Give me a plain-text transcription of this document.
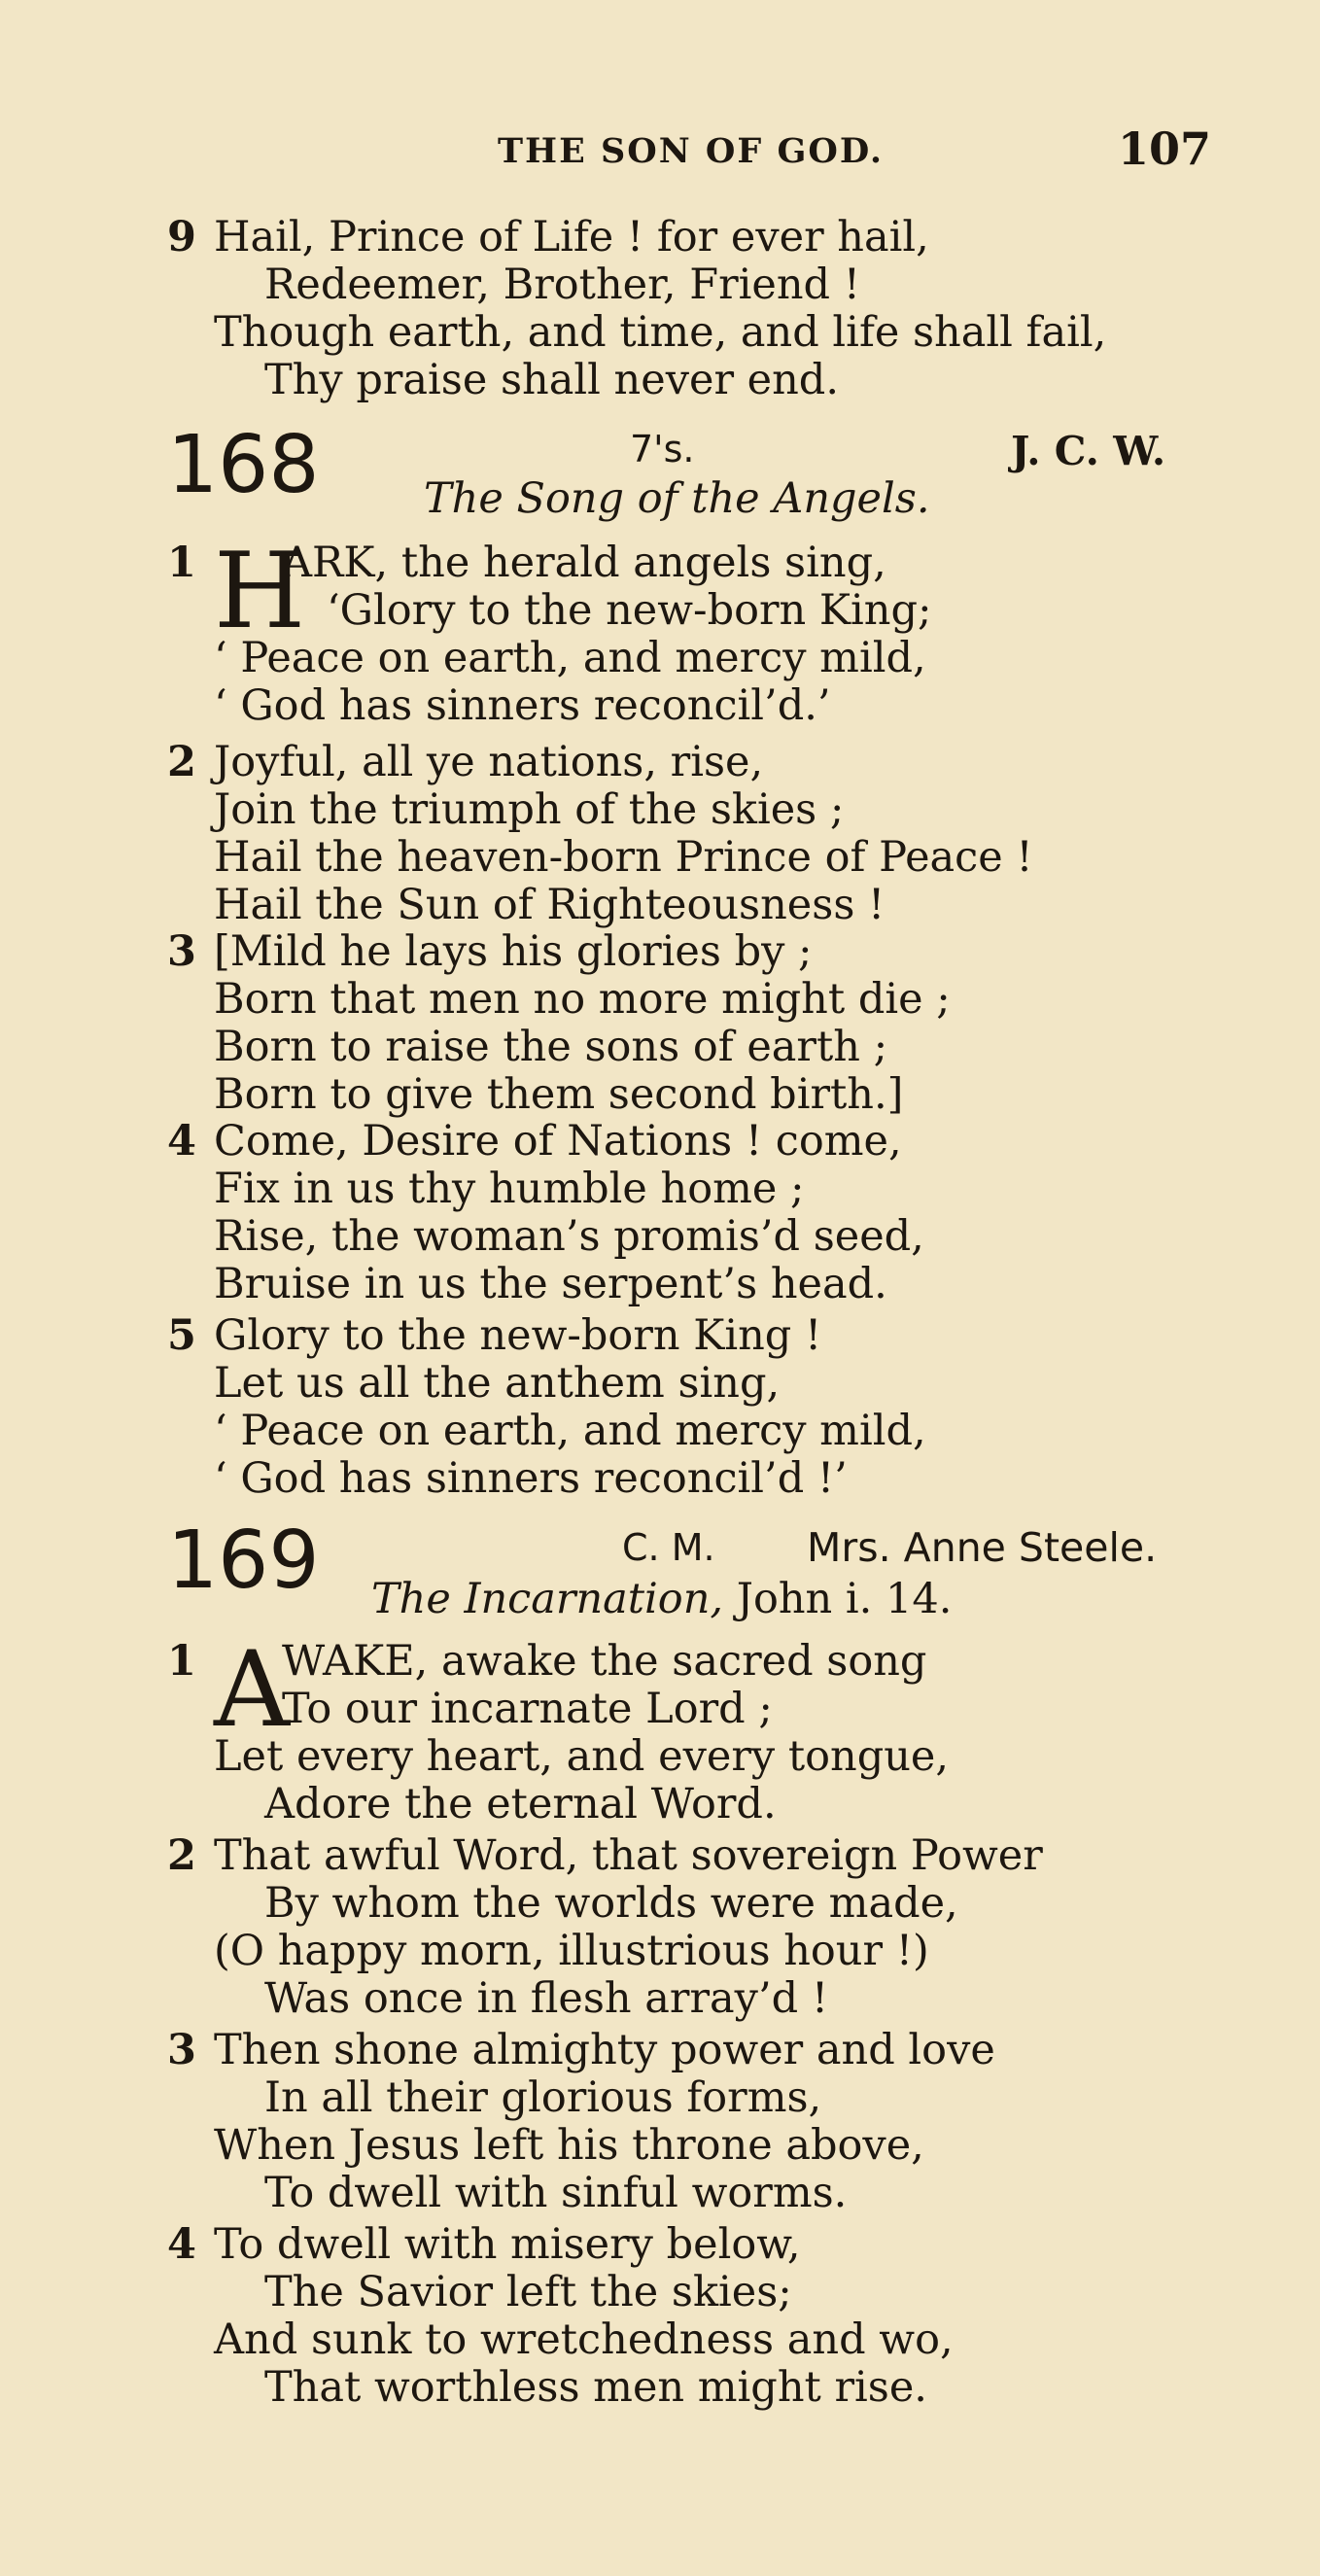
THE SON OF GOD.	107
9 Hail, Prince of Life ! for ever hail,
Redeemer, Brother, Friend !
Though earth, and time, and life shall fail,
Thy praise shall never end.
168	7's.	J. C. W.
The Song of the Angels.
1 H
ARK, the herald angels sing,
‘Glory to the new-born King;
‘ Peace on earth, and mercy mild,
‘ God has sinners reconcil’d.’
2 Joyful, all ye nations, rise,
Join the triumph of the skies ;
Hail the heaven-born Prince of Peace !
Hail the Sun of Righteousness !
3 [Mild he lays his glories by ;
Born that men no more might die ;
Born to raise the sons of earth ;
Born to give them second birth.]
4 Come, Desire of Nations ! come,
Fix in us thy humble home ;
Rise, the woman’s promis’d seed,
Bruise in us the serpent’s head.
5 Glory to the new-born King !
Let us all the anthem sing,
‘ Peace on earth, and mercy mild,
‘ God has sinners reconcil’d !’
169	C. M. Mrs. Anne Steele.
The Incarnation, John i. 14.
1 A
WAKE, awake the sacred song
To our incarnate Lord ;
Let every heart, and every tongue,
Adore the eternal Word.
2 That awful Word, that sovereign Power
By whom the worlds were made,
(O happy morn, illustrious hour !)
Was once in flesh array’d !
3 Then shone almighty power and love
In all their glorious forms,
When Jesus left his throne above,
To dwell with sinful worms.
4 To dwell with misery below,
The Savior left the skies;
And sunk to wretchedness and wo,
That worthless men might rise.
